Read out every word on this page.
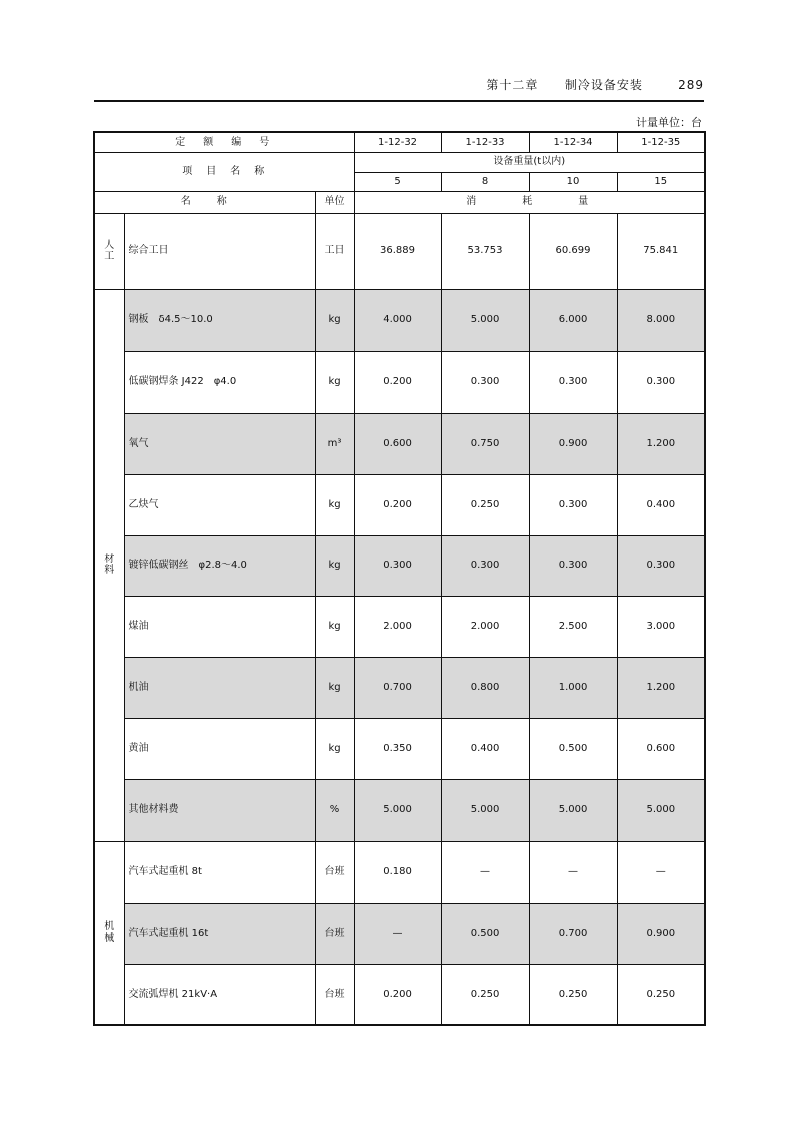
第十二章 制冷设备安装	289
计量单位：台
定　额　编　号			1-12-32	1-12-33	1-12-34	1-12-35
项　目　名　称			设备重量(t以内)			
			5	8	10	15
名　　称		单位	消　　　耗　　　量			

人
工	综合工日	工日	36.889	53.753	60.699	75.841

材
料	钢板　δ4.5～10.0	kg	4.000	5.000	6.000	8.000
	低碳钢焊条 J422　φ4.0	kg	0.200	0.300	0.300	0.300
	氧气	m³	0.600	0.750	0.900	1.200
	乙炔气	kg	0.200	0.250	0.300	0.400
	镀锌低碳钢丝　φ2.8～4.0	kg	0.300	0.300	0.300	0.300
	煤油	kg	2.000	2.000	2.500	3.000
	机油	kg	0.700	0.800	1.000	1.200
	黄油	kg	0.350	0.400	0.500	0.600
	其他材料费	%	5.000	5.000	5.000	5.000

机
械	汽车式起重机 8t	台班	0.180	—	—	—
	汽车式起重机 16t	台班	—	0.500	0.700	0.900
	交流弧焊机 21kV·A	台班	0.200	0.250	0.250	0.250
